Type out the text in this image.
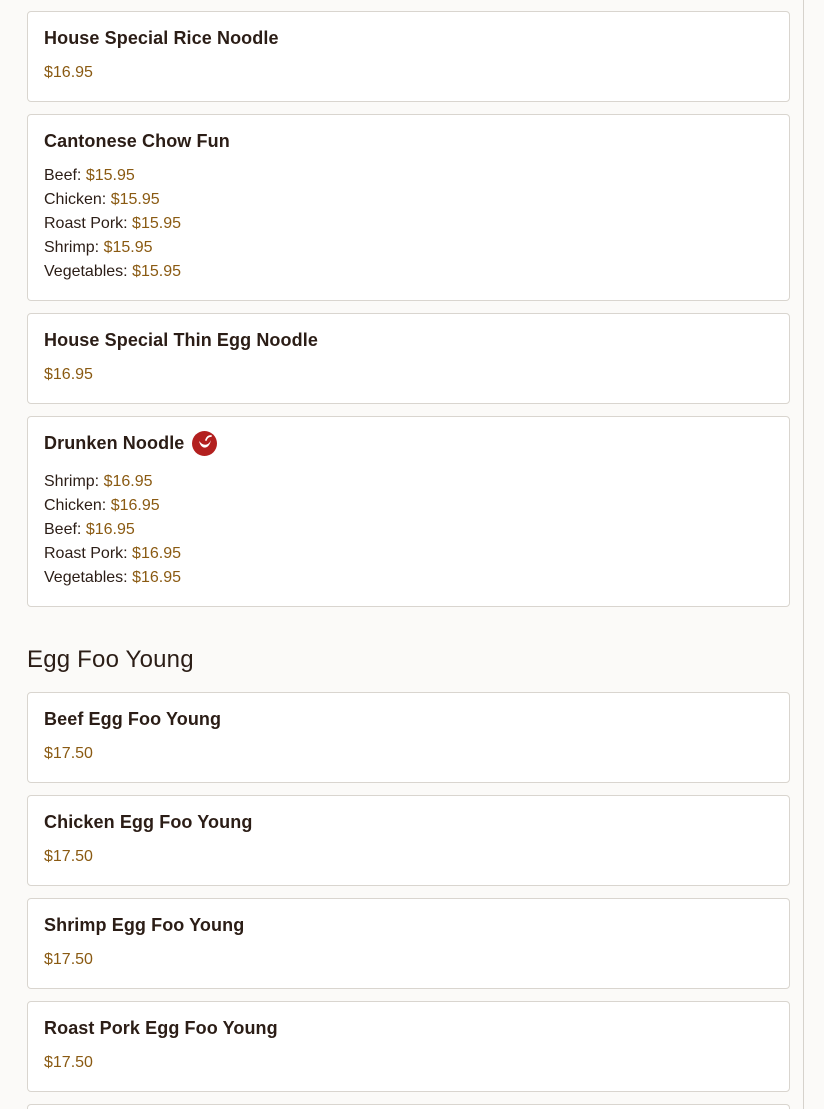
House Special Rice Noodle
$16.95
Cantonese Chow Fun
Beef: $15.95
Chicken: $15.95
Roast Pork: $15.95
Shrimp: $15.95
Vegetables: $15.95
House Special Thin Egg Noodle
$16.95
Drunken Noodle
Shrimp: $16.95
Chicken: $16.95
Beef: $16.95
Roast Pork: $16.95
Vegetables: $16.95
Egg Foo Young
Beef Egg Foo Young
$17.50
Chicken Egg Foo Young
$17.50
Shrimp Egg Foo Young
$17.50
Roast Pork Egg Foo Young
$17.50
